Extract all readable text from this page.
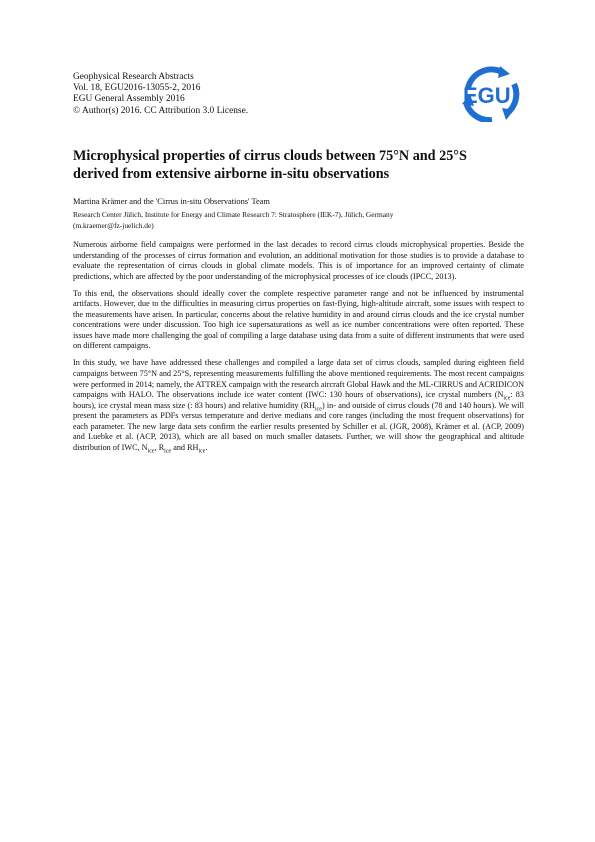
Geophysical Research Abstracts
Vol. 18, EGU2016-13055-2, 2016
EGU General Assembly 2016
© Author(s) 2016. CC Attribution 3.0 License.
EGU
Microphysical properties of cirrus clouds between 75°N and 25°S
derived from extensive airborne in-situ observations
Martina Krämer and the 'Cirrus in-situ Observations' Team
Research Center Jülich, Institute for Energy and Climate Research 7: Stratosphere (IEK-7), Jülich, Germany
(m.kraemer@fz-juelich.de)

Numerous airborne field campaigns were performed in the last decades to record cirrus clouds microphysical properties. Beside the understanding of the processes of cirrus formation and evolution, an additional motivation for those studies is to provide a database to evaluate the representation of cirrus clouds in global climate models. This is of importance for an improved certainty of climate predictions, which are affected by the poor understanding of the microphysical processes of ice clouds (IPCC, 2013).

To this end, the observations should ideally cover the complete respective parameter range and not be influenced by instrumental artifacts. However, due to the difficulties in measuring cirrus properties on fast-flying, high-altitude aircraft, some issues with respect to the measurements have arisen. In particular, concerns about the relative humidity in and around cirrus clouds and the ice crystal number concentrations were under discussion. Too high ice supersaturations as well as ice number concentrations were often reported. These issues have made more challenging the goal of compiling a large database using data from a suite of different instruments that were used on different campaigns.

In this study, we have have addressed these challenges and compiled a large data set of cirrus clouds, sampled during eighteen field campaigns between 75°N and 25°S, representing measurements fulfilling the above mentioned requirements. The most recent campaigns were performed in 2014; namely, the ATTREX campaign with the research aircraft Global Hawk and the ML-CIRRUS and ACRIDICON campaigns with HALO. The observations include ice water content (IWC: 130 hours of observations), ice crystal numbers ($N_{ice}$: 83 hours), ice crystal mean mass size (: 83 hours) and relative humidity $(RH_{ice})$ in- and outside of cirrus clouds (78 and 140 hours). We will present the parameters as PDFs versus temperature and derive medians and core ranges (including the most frequent observations) for each parameter. The new large data sets confirm the earlier results presented by Schiller et al. (JGR, 2008), Krämer et al. (ACP, 2009) and Luebke et al. (ACP, 2013), which are all based on much smaller datasets. Further, we will show the geographical and altitude distribution of IWC, $N_{ice}$, $R_{ice}$ and $RH_{ice}$.
